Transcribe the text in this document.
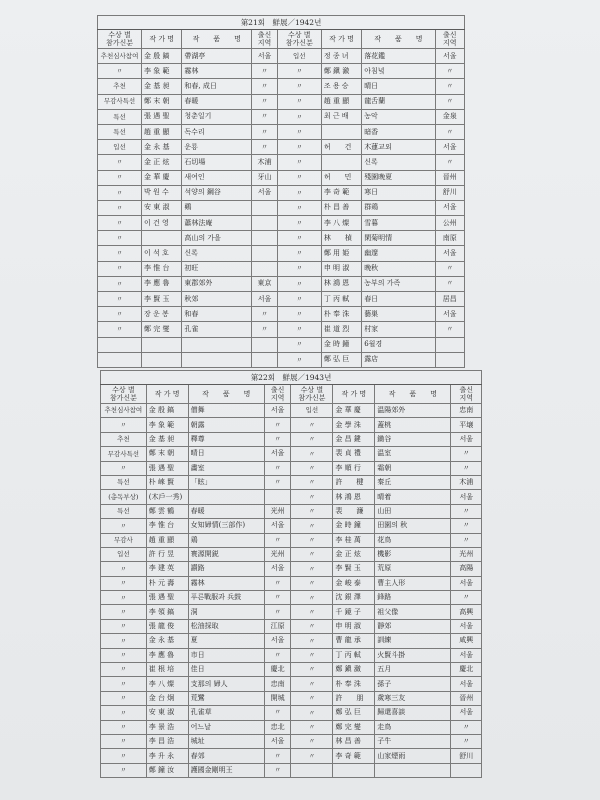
第21회　鮮展／1942년							
수상 별
참가신분	작 가 명	작　　품　　명	출신
지역	수상 별
참가신분	작 가 명	작　　품　　명	출신
지역
추천심사참여	金 殷 鎬	帶湖亭	서울	입선	정 종 녀	落花鑑	서울
〃	李 象 範	霧林	〃	〃	鄭 鎭 瀲	아침녘	〃
추천	金 基 昶	和春, 成日	〃	〃	조 용 승	晴日	〃
무감사특선	鄭 末 朝	春暖	〃	〃	趙 重 顯	龍舌蘭	〃
특선	張 遇 聖	청춘일기	〃	〃	최 근 배	농악	金泉
특선	趙 重 顯	독수리	〃	〃		暗香	〃
입선	金 永 基	운룡	〃	〃	허　　건	木蓮교외	서울
〃	金 正 炫	石切場	木浦	〃		신록	〃
〃	金 華 慶	새여인	牙山	〃	허　　민	殘園晚夏	晉州
〃	박 원 수	석양의 鋼谷	서울	〃	李 奇 範	寒日	舒川
〃	安 東 淑	鷄		〃	朴 昌 善	群鶏	서울
〃	이 건 영	蕭林法庵		〃	李 八 燦	雪暮	公州
〃		高山의 가을		〃	林　　楨	閑菊明情	南原
〃	이 석 호	신록		〃	鄭 用 姫	幽邃	서울
〃	李 惟 台	初旺		〃	申 明 淑	晚秋	〃
〃	李 應 魯	東郡郊外	東京	〃	林 鴻 恩	농부의 가족	〃
〃	李 賢 玉	秋郊	서울	〃	丁 丙 軾	春日	居昌
〃	장 운 봉	和春	〃	〃	朴 奉 洙	藝巣	서울
〃	鄭 完 燮	孔雀	〃	〃	崔 道 烈	村家	〃
				〃	金 時 鐘	6월경	
				〃	鄭 弘 巨	露店	
第22회　鮮展／1943년							
수상 별
참가신분	작 가 명	작　　품　　명	출신
지역	수상 별
참가신분	작 가 명	작　　품　　명	출신
지역
추천심사참여	金 殷 鎬	僧舞	서울	입선	金 華 慶	温陽郊外	忠南
〃	李 象 範	朝露	〃	〃	金 學 洙	蓋桃	平壌
추천	金 基 昶	釋尊	〃	〃	金 昌 鍵	鋤谷	서울
무감사특선	鄭 末 朝	晴日	서울	〃	裴 貞 禮	温室	〃
〃	張 遇 聖	畵室	〃	〃	李 順 行	霜朝	〃
특선	朴 崍 賢	「眩」	〃	〃	許　　楗	秦丘	木浦
(총독부상)	(木戶一秀)			〃	林 鴻 恩	晴着	서울
특선	鄭 雲 鶴	春暖	光州	〃	裴　　濂	山田	〃
〃	李 惟 台	女知婦情(三部作)	서울	〃	金 時 鐘	田園의 秋	〃
무감사	趙 重 顯	鶏	〃	〃	李 桂 萬	花鳥	〃
입선	許 行 昱	寰源開鋭	光州	〃	金 正 炫	機影	光州
〃	李 建 英	讃路	서울	〃	李 賢 玉	荒原	高陽
〃	朴 元 壽	霧林	〃	〃	金 峻 泰	曹主人形	서울
〃	張 遇 聖	푸른戰服과 兵鼓	〃	〃	沈 銀 澤	鋒路	〃
〃	李 領 鎬	洞	〃	〃	千 鏡 子	祖父像	高興
〃	張 龍 俊	松油採取	江原	〃	申 明 淑	靜郊	서울
〃	金 永 基	夏	서울	〃	曹 龍 承	訓練	咸興
〃	李 應 魯	市日	〃	〃	丁 丙 軾	火賢斗掛	서울
〃	崔 根 培	佳日	慶北	〃	鄭 鎭 瀲	五月	慶北
〃	李 八 燦	支那의 婦人	忠南	〃	朴 奉 洙	孫子	서울
〃	金 台 炯	荒鷺	開城	〃	許　　朋	歲寒三友	晉州
〃	安 東 淑	孔雀草	〃	〃	鄭 弘 巨	歸還喜談	서울
〃	李 景 浩	어느날	忠北	〃	鄭 完 燮	走鳥	〃
〃	李 昌 浩	城址	서울	〃	林 昌 善	子牛	〃
〃	李 升 永	春郊	〃	〃	李 奇 範	山家煙雨	舒川
〃	鄭 鐘 汝	護國金剛明王	〃				
